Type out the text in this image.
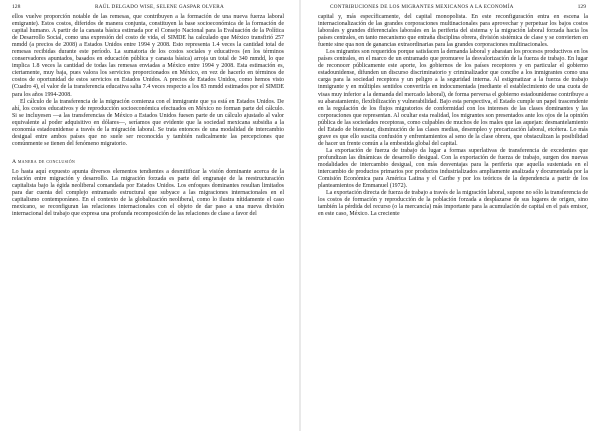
128	RAÚL DELGADO WISE, SELENE GASPAR OLVERA

ellos vuelve proporción notable de las remesas, que contribuyen a la formación de una nueva fuerza laboral emigrante). Estos costos, diferidos de manera conjunta, constituyen la base socioeconómica de la formación de capital humano. A partir de la canasta básica estimada por el Consejo Nacional para la Evaluación de la Política de Desarrollo Social, como una expresión del costo de vida, el SIMDE ha calculado que México transfirió 257 mmdd (a precios de 2008) a Estados Unidos entre 1994 y 2008. Esto representa 1.4 veces la cantidad total de remesas recibidas durante este período. La sumatoria de los costos sociales y educativos (en los términos conservadores apuntados, basados en educación pública y canasta básica) arroja un total de 340 mmdd, lo que implica 1.8 veces la cantidad de todas las remesas enviadas a México entre 1994 y 2008. Esta estimación es, ciertamente, muy baja, pues valora los servicios proporcionados en México, en vez de hacerlo en términos de costos de oportunidad de estos servicios en Estados Unidos. A precios de Estados Unidos, como hemos visto (Cuadro 4), el valor de la transferencia educativa salta 7.4 veces respecto a los 83 mmdd estimados por el SIMDE para los años 1994-2008.

El cálculo de la transferencia de la migración comienza con el inmigrante que ya está en Estados Unidos. De ahí, los costos educativos y de reproducción socioeconómica efectuados en México no forman parte del cálculo. Si se incluyesen —a las transferencias de México a Estados Unidos fuesen parte de un cálculo ajustado al valor equivalente al poder adquisitivo en dólares—, seríamos que evidente que la sociedad mexicana subsidia a la economía estadounidense a través de la migración laboral. Se trata entonces de una modalidad de intercambio desigual entre ambos países que no suele ser reconocida y también radicalmente las percepciones que comúnmente se tienen del fenómeno migratorio.

A manera de conclusión

Lo hasta aquí expuesto apunta diversos elementos tendientes a desmitificar la visión dominante acerca de la relación entre migración y desarrollo. La migración forzada es parte del engranaje de la reestructuración capitalista bajo la égida neoliberal comandada por Estados Unidos. Los enfoques dominantes resultan limitados para dar cuenta del complejo entramado estructural que subyace a las migraciones internacionales en el capitalismo contemporáneo. En el contexto de la globalización neoliberal, como lo ilustra nítidamente el caso mexicano, se reconfiguran las relaciones internacionales con el objeto de dar paso a una nueva división internacional del trabajo que expresa una profunda recomposición de las relaciones de clase a favor del

CONTRIBUCIONES DE LOS MIGRANTES MEXICANOS A LA ECONOMÍA	129

capital y, más específicamente, del capital monopolista. En este reconfiguración entra en escena la internacionalización de las grandes corporaciones multinacionales para aprovechar y perpetuar los bajos costos laborales y grandes diferenciales laborales en la periferia del sistema y la migración laboral forzada hacia los países centrales, en tanto mecanismo que entraña disciplina obrera, división sistémica de clase y se convierten en fuente sine qua non de ganancias extraordinarias para las grandes corporaciones multinacionales.

Los migrantes son requeridos porque satisfacen la demanda laboral y abaratan los procesos productivos en los países centrales, en el marco de un entramado que promueve la desvalorización de la fuerza de trabajo. En lugar de reconocer públicamente este aporte, los gobiernos de los países receptores y en particular el gobierno estadounidense, difunden un discurso discriminatorio y criminalizador que concibe a los inmigrantes como una carga para la sociedad receptora y un peligro a la seguridad interna. Al estigmatizar a la fuerza de trabajo inmigrante y en múltiples sentidos convertirla en indocumentada (mediante el establecimiento de una cuota de visas muy inferior a la demanda del mercado laboral), de forma perversa el gobierno estadounidense contribuye a su abaratamiento, flexibilización y vulnerabilidad. Bajo esta perspectiva, el Estado cumple un papel trascendente en la regulación de los flujos migratorios de conformidad con los intereses de las clases dominantes y las corporaciones que representan. Al ocultar esta realidad, los migrantes son presentados ante los ojos de la opinión pública de las sociedades receptoras, como culpables de muchos de los males que las aquejan: desmantelamiento del Estado de bienestar, disminución de las clases medias, desempleo y precarización laboral, etcétera. Lo más grave es que ello suscita confusión y enfrentamientos al seno de la clase obrera, que obstaculizan la posibilidad de hacer un frente común a la embestida global del capital.

La exportación de fuerza de trabajo da lugar a formas superlativas de transferencia de excedentes que profundizan las dinámicas de desarrollo desigual. Con la exportación de fuerza de trabajo, surgen dos nuevas modalidades de intercambio desigual, con más desventajas para la periferia que aquella sustentada en el intercambio de productos primarios por productos industrializados ampliamente analizada y documentada por la Comisión Económica para América Latina y el Caribe y por los teóricos de la dependencia a partir de los planteamientos de Emmanuel (1972).

La exportación directa de fuerza de trabajo a través de la migración laboral, supone no sólo la transferencia de los costos de formación y reproducción de la población forzada a desplazarse de sus lugares de origen, sino también la pérdida del recurso (o la mercancía) más importante para la acumulación de capital en el país emisor, en este caso, México. La creciente
